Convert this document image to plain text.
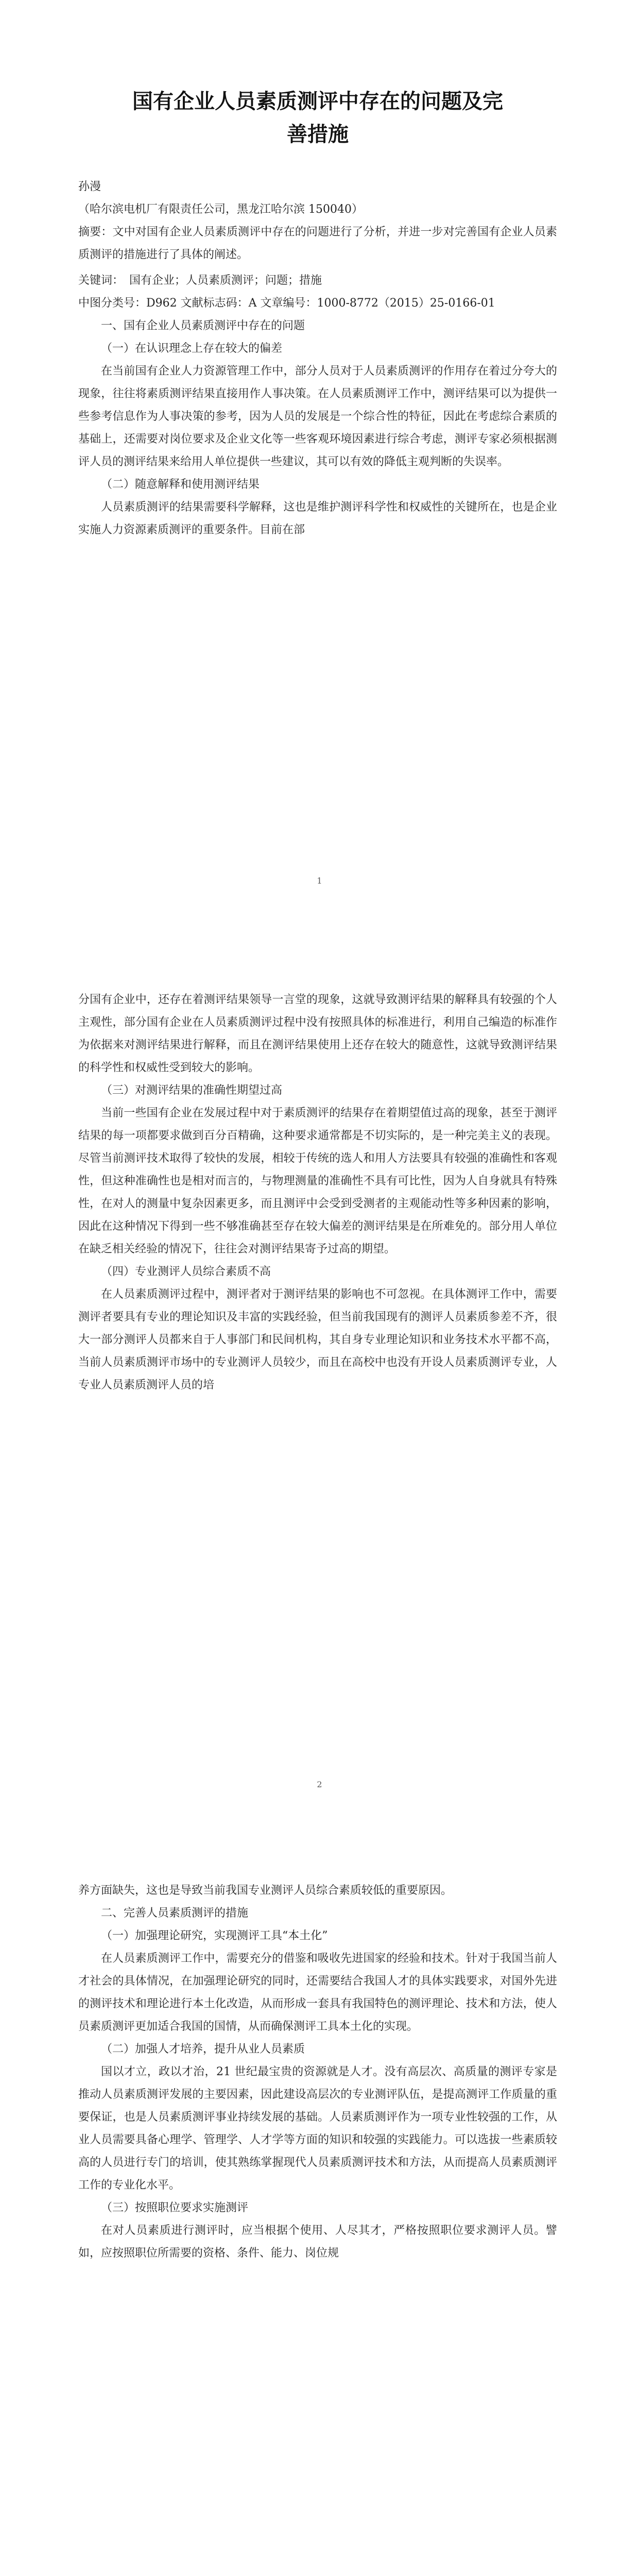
国有企业人员素质测评中存在的问题及完
善措施

孙漫

（哈尔滨电机厂有限责任公司，黑龙江哈尔滨 150040）

摘要：文中对国有企业人员素质测评中存在的问题进行了分析，并进一步对完善国有企业人员素质测评的措施进行了具体的阐述。

关键词：　国有企业；人员素质测评；问题；措施

中图分类号：D962 文献标志码：A 文章编号：1000-8772（2015）25-0166-01

一、国有企业人员素质测评中存在的问题

（一）在认识理念上存在较大的偏差

在当前国有企业人力资源管理工作中，部分人员对于人员素质测评的作用存在着过分夸大的现象，往往将素质测评结果直接用作人事决策。在人员素质测评工作中，测评结果可以为提供一些参考信息作为人事决策的参考，因为人员的发展是一个综合性的特征，因此在考虑综合素质的基础上，还需要对岗位要求及企业文化等一些客观环境因素进行综合考虑，测评专家必须根据测评人员的测评结果来给用人单位提供一些建议，其可以有效的降低主观判断的失误率。

（二）随意解释和使用测评结果

人员素质测评的结果需要科学解释，这也是维护测评科学性和权威性的关键所在，也是企业实施人力资源素质测评的重要条件。目前在部

1

分国有企业中，还存在着测评结果领导一言堂的现象，这就导致测评结果的解释具有较强的个人主观性，部分国有企业在人员素质测评过程中没有按照具体的标准进行，利用自己编造的标准作为依据来对测评结果进行解释，而且在测评结果使用上还存在较大的随意性，这就导致测评结果的科学性和权威性受到较大的影响。

（三）对测评结果的准确性期望过高

当前一些国有企业在发展过程中对于素质测评的结果存在着期望值过高的现象，甚至于测评结果的每一项都要求做到百分百精确，这种要求通常都是不切实际的，是一种完美主义的表现。尽管当前测评技术取得了较快的发展，相较于传统的选人和用人方法要具有较强的准确性和客观性，但这种准确性也是相对而言的，与物理测量的准确性不具有可比性，因为人自身就具有特殊性，在对人的测量中复杂因素更多，而且测评中会受到受测者的主观能动性等多种因素的影响，因此在这种情况下得到一些不够准确甚至存在较大偏差的测评结果是在所难免的。部分用人单位在缺乏相关经验的情况下，往往会对测评结果寄予过高的期望。

（四）专业测评人员综合素质不高

在人员素质测评过程中，测评者对于测评结果的影响也不可忽视。在具体测评工作中，需要测评者要具有专业的理论知识及丰富的实践经验，但当前我国现有的测评人员素质参差不齐，很大一部分测评人员都来自于人事部门和民间机构，其自身专业理论知识和业务技术水平都不高，当前人员素质测评市场中的专业测评人员较少，而且在高校中也没有开设人员素质测评专业，人专业人员素质测评人员的培

2

养方面缺失，这也是导致当前我国专业测评人员综合素质较低的重要原因。

二、完善人员素质测评的措施

（一）加强理论研究，实现测评工具“本土化”

在人员素质测评工作中，需要充分的借鉴和吸收先进国家的经验和技术。针对于我国当前人才社会的具体情况，在加强理论研究的同时，还需要结合我国人才的具体实践要求，对国外先进的测评技术和理论进行本土化改造，从而形成一套具有我国特色的测评理论、技术和方法，使人员素质测评更加适合我国的国情，从而确保测评工具本土化的实现。

（二）加强人才培养，提升从业人员素质

国以才立，政以才治，21 世纪最宝贵的资源就是人才。没有高层次、高质量的测评专家是推动人员素质测评发展的主要因素，因此建设高层次的专业测评队伍，是提高测评工作质量的重要保证，也是人员素质测评事业持续发展的基础。人员素质测评作为一项专业性较强的工作，从业人员需要具备心理学、管理学、人才学等方面的知识和较强的实践能力。可以选拔一些素质较高的人员进行专门的培训，使其熟练掌握现代人员素质测评技术和方法，从而提高人员素质测评工作的专业化水平。

（三）按照职位要求实施测评

在对人员素质进行测评时，应当根据个使用、人尽其才，严格按照职位要求测评人员。譬如，应按照职位所需要的资格、条件、能力、岗位规
